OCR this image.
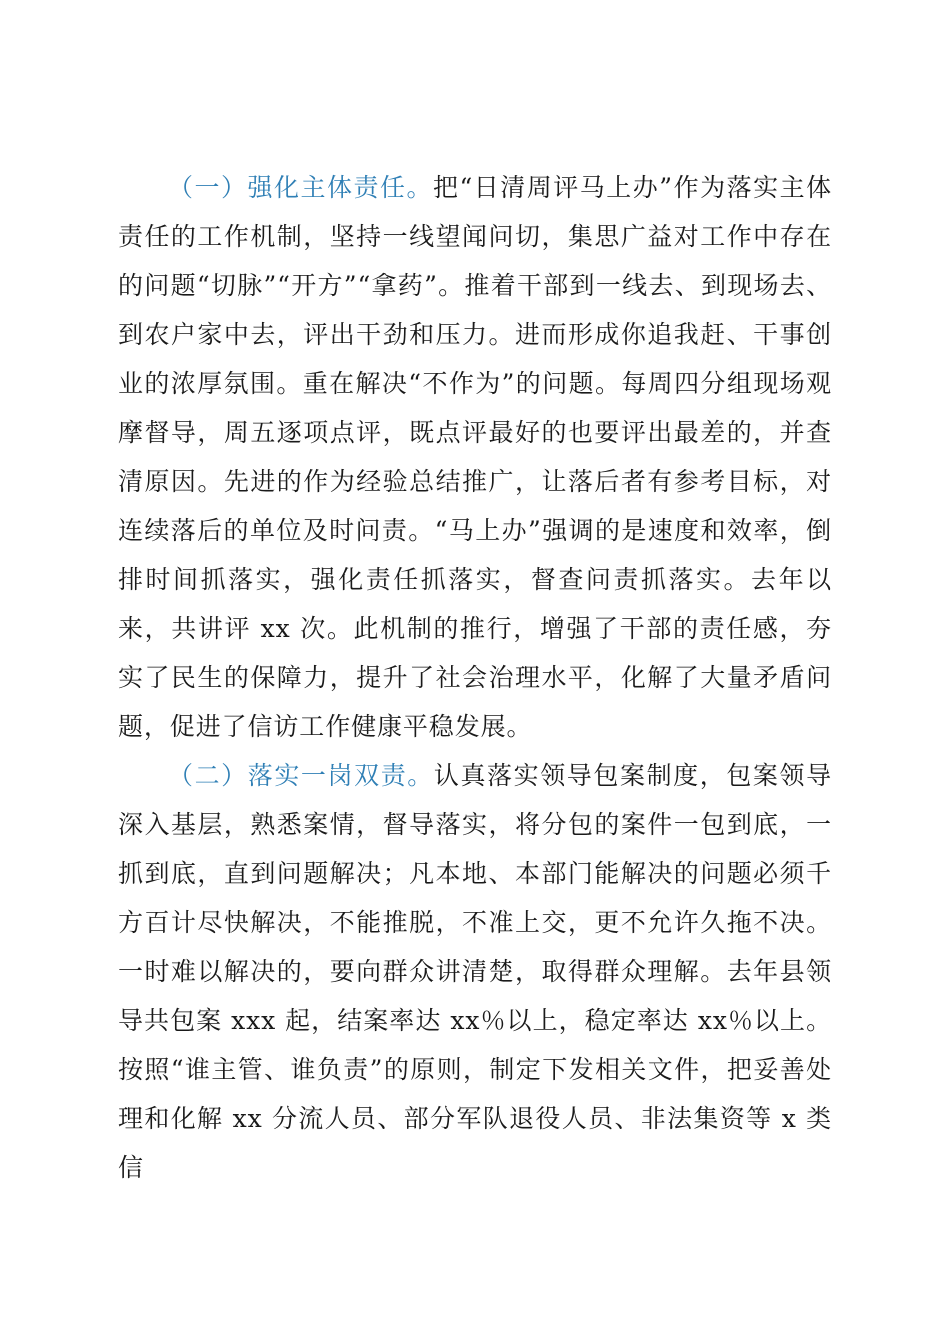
（一）强化主体责任。把“日清周评马上办”作为落实主体责任的工作机制，坚持一线望闻问切，集思广益对工作中存在的问题“切脉”“开方”“拿药”。推着干部到一线去、到现场去、到农户家中去，评出干劲和压力。进而形成你追我赶、干事创业的浓厚氛围。重在解决“不作为”的问题。每周四分组现场观摩督导，周五逐项点评，既点评最好的也要评出最差的，并查清原因。先进的作为经验总结推广，让落后者有参考目标，对连续落后的单位及时问责。“马上办”强调的是速度和效率，倒排时间抓落实，强化责任抓落实，督查问责抓落实。去年以来，共讲评 xx 次。此机制的推行，增强了干部的责任感，夯实了民生的保障力，提升了社会治理水平，化解了大量矛盾问题，促进了信访工作健康平稳发展。

（二）落实一岗双责。认真落实领导包案制度，包案领导深入基层，熟悉案情，督导落实，将分包的案件一包到底，一抓到底，直到问题解决；凡本地、本部门能解决的问题必须千方百计尽快解决，不能推脱，不准上交，更不允许久拖不决。一时难以解决的，要向群众讲清楚，取得群众理解。去年县领导共包案 xxx 起，结案率达 xx％以上，稳定率达 xx％以上。按照“谁主管、谁负责”的原则，制定下发相关文件，把妥善处理和化解 xx 分流人员、部分军队退役人员、非法集资等 x 类信
